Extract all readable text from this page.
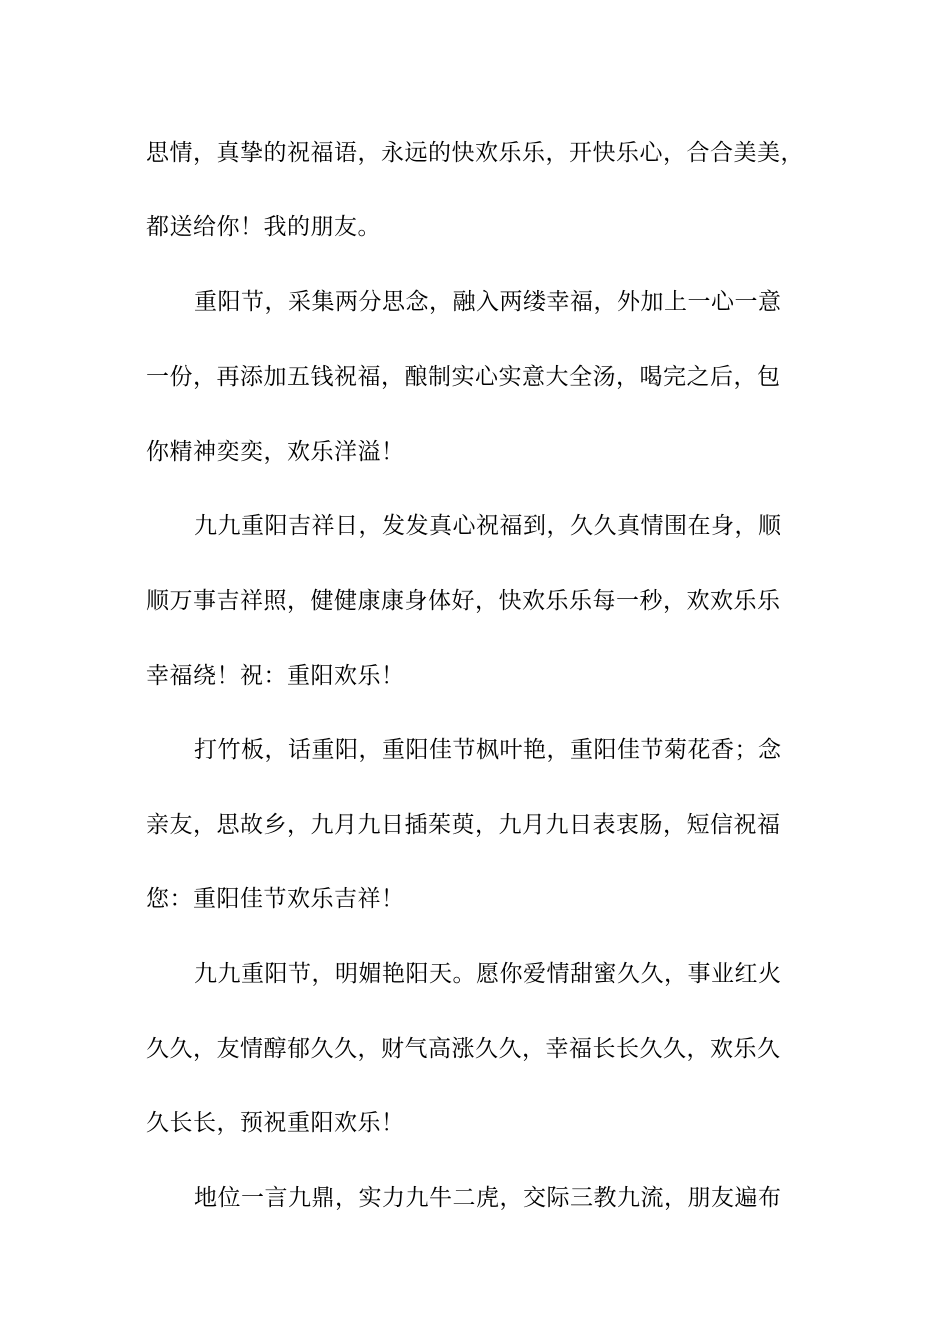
思情，真挚的祝福语，永远的快欢乐乐，开快乐心，合合美美，
都送给你！我的朋友。
重阳节，采集两分思念，融入两缕幸福，外加上一心一意
一份，再添加五钱祝福，酿制实心实意大全汤，喝完之后，包
你精神奕奕，欢乐洋溢！
九九重阳吉祥日，发发真心祝福到，久久真情围在身，顺
顺万事吉祥照，健健康康身体好，快欢乐乐每一秒，欢欢乐乐
幸福绕！祝：重阳欢乐！
打竹板，话重阳，重阳佳节枫叶艳，重阳佳节菊花香；念
亲友，思故乡，九月九日插茱萸，九月九日表衷肠，短信祝福
您：重阳佳节欢乐吉祥！
九九重阳节，明媚艳阳天。愿你爱情甜蜜久久，事业红火
久久，友情醇郁久久，财气高涨久久，幸福长长久久，欢乐久
久长长，预祝重阳欢乐！
地位一言九鼎，实力九牛二虎，交际三教九流，朋友遍布
